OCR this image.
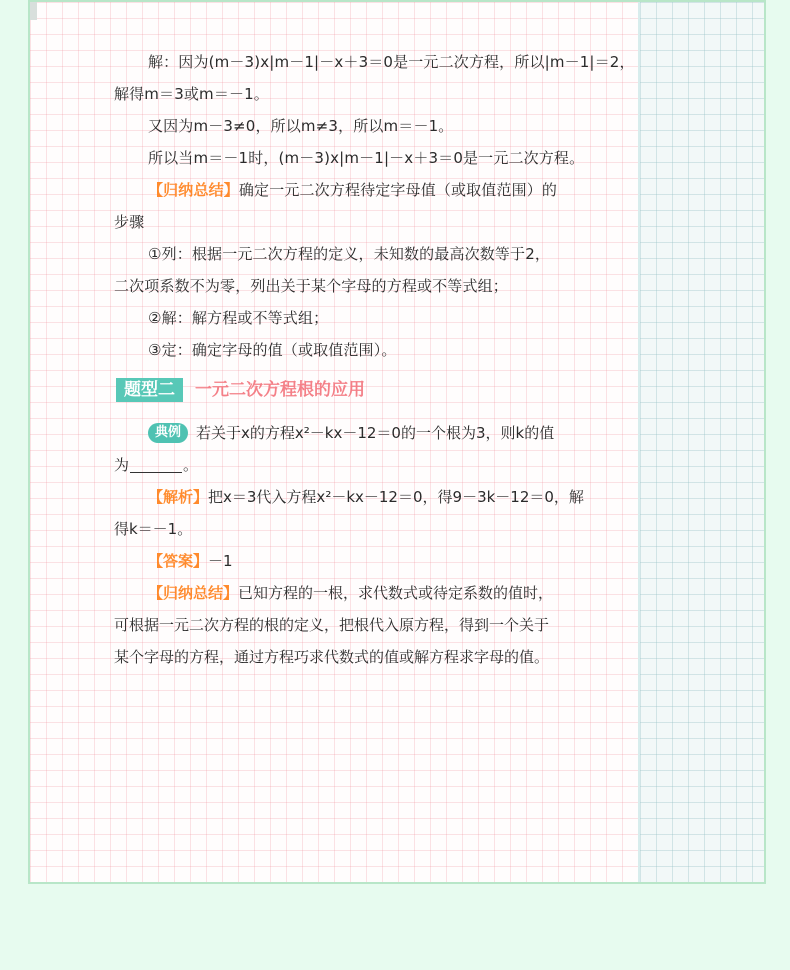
解：因为(m－3)x|m－1|－x＋3＝0是一元二次方程，所以|m－1|＝2，
解得m＝3或m＝－1。
又因为m－3≠0，所以m≠3，所以m＝－1。
所以当m＝－1时，(m－3)x|m－1|－x＋3＝0是一元二次方程。
【归纳总结】确定一元二次方程待定字母值（或取值范围）的
步骤
①列：根据一元二次方程的定义，未知数的最高次数等于2，
二次项系数不为零，列出关于某个字母的方程或不等式组；
②解：解方程或不等式组；
③定：确定字母的值（或取值范围）。
题型二	一元二次方程根的应用
典例 若关于x的方程x²－kx－12＝0的一个根为3，则k的值
为	。
【解析】把x＝3代入方程x²－kx－12＝0，得9－3k－12＝0，解
得k＝－1。
【答案】－1
【归纳总结】已知方程的一根，求代数式或待定系数的值时，
可根据一元二次方程的根的定义，把根代入原方程，得到一个关于
某个字母的方程，通过方程巧求代数式的值或解方程求字母的值。
